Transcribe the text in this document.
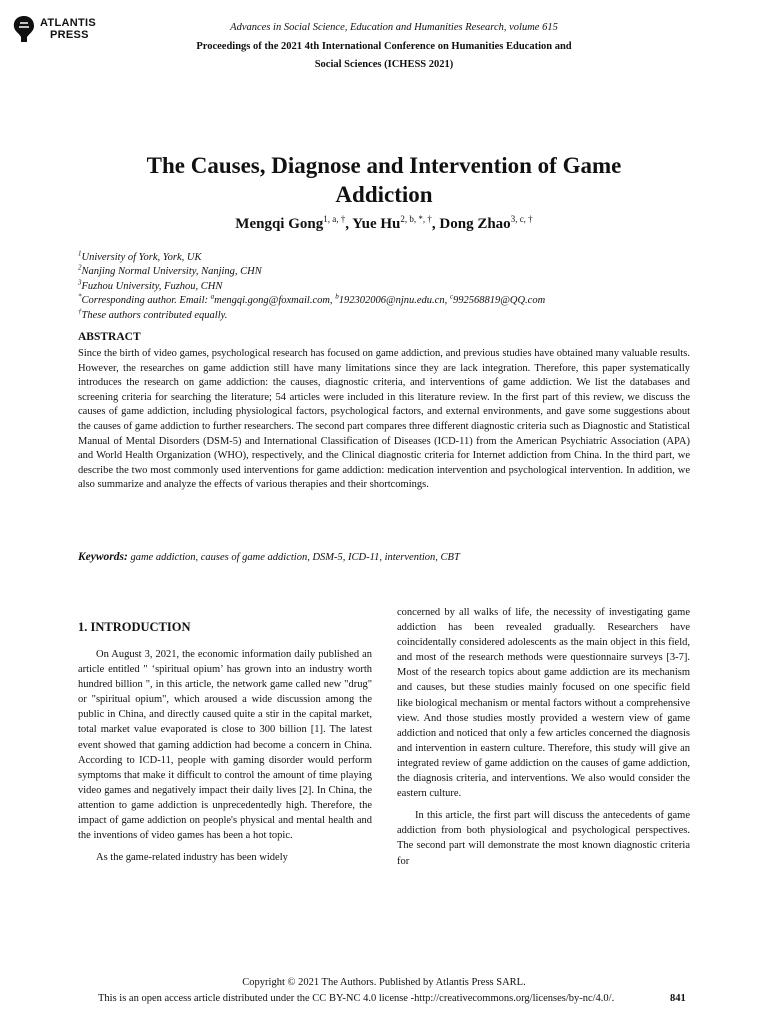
ATLANTIS
PRESS
Advances in Social Science, Education and Humanities Research, volume 615
Proceedings of the 2021 4th International Conference on Humanities Education and
Social Sciences (ICHESS 2021)
The Causes, Diagnose and Intervention of Game
Addiction
Mengqi Gong$^{1, a, \dagger}$, Yue $Hu^{2, b, *, \dagger}$, Dong Zhao$^{3, c, \dagger}$
$^1$University of York, York, UK
$^2$Nanjing Normal University, Nanjing, CHN
$^3$Fuzhou University, Fuzhou, CHN
*Corresponding author. Email: $^a$mengqi.gong@foxmail.com, $^b$192302006@njnu.edu.cn, $^c$992568819@QQ.com
†These authors contributed equally.
ABSTRACT

Since the birth of video games, psychological research has focused on game addiction, and previous studies have obtained many valuable results. However, the researches on game addiction still have many limitations since they are lack integration. Therefore, this paper systematically introduces the research on game addiction: the causes, diagnostic criteria, and interventions of game addiction. We list the databases and screening criteria for searching the literature; 54 articles were included in this literature review. In the first part of this review, we discuss the causes of game addiction, including physiological factors, psychological factors, and external environments, and gave some suggestions about the causes of game addiction to further researchers. The second part compares three different diagnostic criteria such as Diagnostic and Statistical Manual of Mental Disorders (DSM-5) and International Classification of Diseases (ICD-11) from the American Psychiatric Association (APA) and World Health Organization (WHO), respectively, and the Clinical diagnostic criteria for Internet addiction from China. In the third part, we describe the two most commonly used interventions for game addiction: medication intervention and psychological intervention. In addition, we also summarize and analyze the effects of various therapies and their shortcomings.

Keywords: game addiction, causes of game addiction, DSM-5, ICD-11, intervention, CBT
1. INTRODUCTION

On August 3, 2021, the economic information daily published an article entitled " ‘spiritual opium’ has grown into an industry worth hundred billion ", in this article, the network game called new "drug" or "spiritual opium", which aroused a wide discussion among the public in China, and directly caused quite a stir in the capital market, total market value evaporated is close to 300 billion [1]. The latest event showed that gaming addiction had become a concern in China. According to ICD-11, people with gaming disorder would perform symptoms that make it difficult to control the amount of time playing video games and negatively impact their daily lives [2]. In China, the attention to game addiction is unprecedentedly high. Therefore, the impact of game addiction on people's physical and mental health and the inventions of video games has been a hot topic.

As the game-related industry has been widely

concerned by all walks of life, the necessity of investigating game addiction has been revealed gradually. Researchers have coincidentally considered adolescents as the main object in this field, and most of the research methods were questionnaire surveys [3-7]. Most of the research topics about game addiction are its mechanism and causes, but these studies mainly focused on one specific field like biological mechanism or mental factors without a comprehensive view. And those studies mostly provided a western view of game addiction and noticed that only a few articles concerned the diagnosis and intervention in eastern culture. Therefore, this study will give an integrated review of game addiction on the causes of game addiction, the diagnosis criteria, and interventions. We also would consider the eastern culture.

In this article, the first part will discuss the antecedents of game addiction from both physiological and psychological perspectives. The second part will demonstrate the most known diagnostic criteria for

Copyright © 2021 The Authors. Published by Atlantis Press SARL.
This is an open access article distributed under the CC BY-NC 4.0 license -http://creativecommons.org/licenses/by-nc/4.0/.	841
